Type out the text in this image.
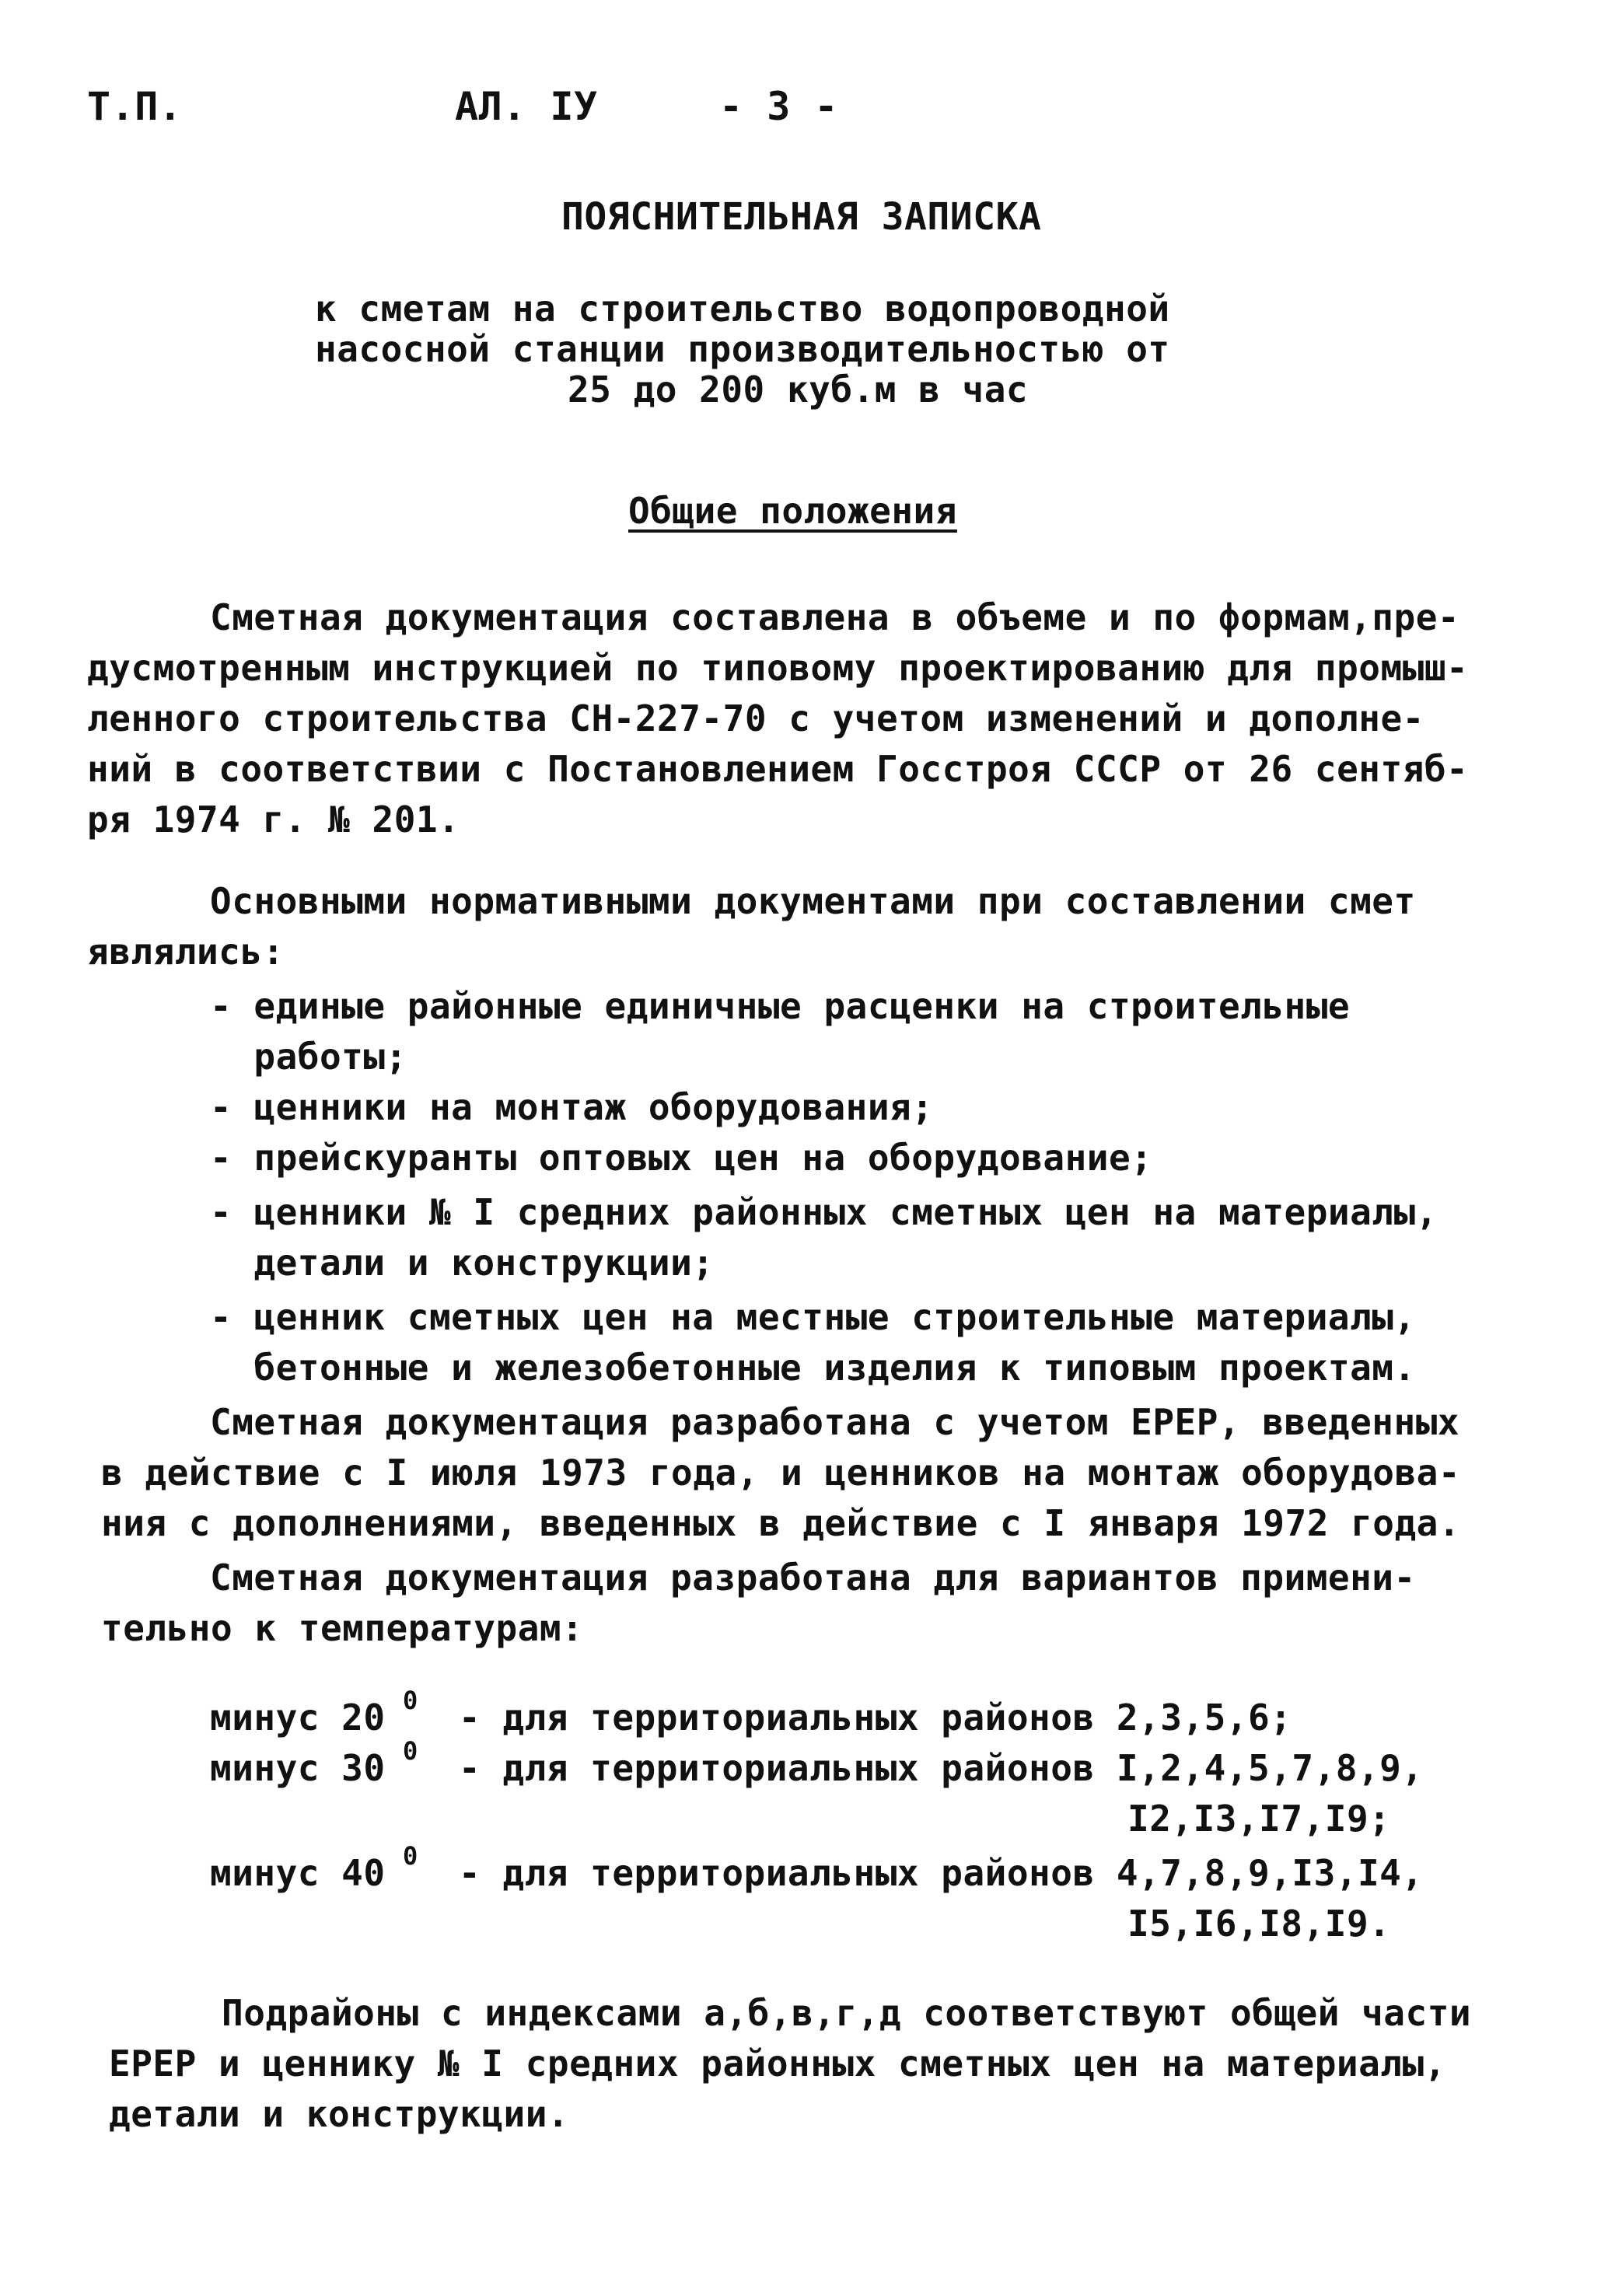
Т.П.	АЛ. IУ	- 3 -
ПОЯСНИТЕЛЬНАЯ ЗАПИСКА
к сметам на строительство водопроводной
насосной станции производительностью от
25 до 200 куб.м в час
Общие положения
Сметная документация составлена в объеме и по формам,пре-
дусмотренным инструкцией по типовому проектированию для промыш-
ленного строительства СН-227-70 с учетом изменений и дополне-
ний в соответствии с Постановлением Госстроя СССР от 26 сентяб-
ря 1974 г. № 201.
Основными нормативными документами при составлении смет
являлись:
- единые районные единичные расценки на строительные
работы;
- ценники на монтаж оборудования;
- прейскуранты оптовых цен на оборудование;
- ценники № I средних районных сметных цен на материалы,
детали и конструкции;
- ценник сметных цен на местные строительные материалы,
бетонные и железобетонные изделия к типовым проектам.
Сметная документация разработана с учетом ЕРЕР, введенных
в действие с I июля 1973 года, и ценников на монтаж оборудова-
ния с дополнениями, введенных в действие с I января 1972 года.
Сметная документация разработана для вариантов примени-
тельно к температурам:
минус 20 0 - для территориальных районов 2,3,5,6;
минус 30 0 - для территориальных районов I,2,4,5,7,8,9,
I2,I3,I7,I9;
минус 40 0 - для территориальных районов 4,7,8,9,I3,I4,
I5,I6,I8,I9.
Подрайоны с индексами а,б,в,г,д соответствуют общей части
ЕРЕР и ценнику № I средних районных сметных цен на материалы,
детали и конструкции.
